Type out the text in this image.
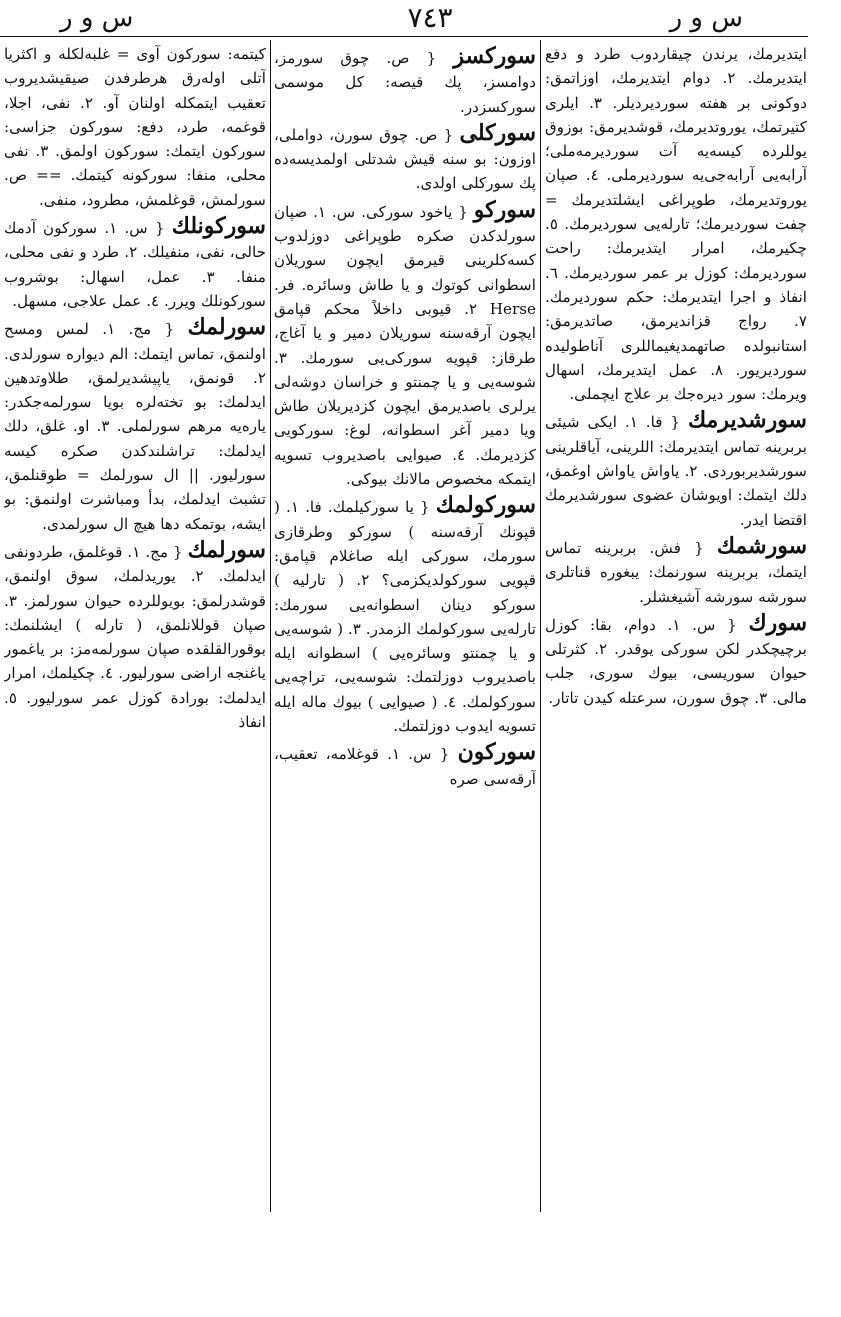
س و ر	٧٤٣	س و ر

ایتدیرمك، یرندن چیقاردوب طرد و دفع ایتدیرمك. ٢. دوام ایتدیرمك، اوزاتمق: دوكونی بر هفته سوردیردیلر. ٣. ایلری كتیرتمك، یوروتدیرمك، قوشدیرمق: بوزوق یوللرده كیسه‌یه آت سوردیرمه‌ملی؛ آرابه‌یی آرابه‌جی‌یه سوردیرملی. ٤. صپان یوروتدیرمك، طوپراغی ایشلتدیرمك = چفت سوردیرمك؛ تارله‌یی سوردیرمك. ٥. چكیرمك، امرار ایتدیرمك: راحت سوردیرمك: كوزل بر عمر سوردیرمك. ٦. انفاذ و اجرا ایتدیرمك: حكم سوردیرمك. ٧. رواج قزاندیرمق، صاتدیرمق: استانبولده صاتهمدیغیماللری آناطولیده سوردیریور. ٨. عمل ایتدیرمك، اسهال ویرمك: سور دیره‌جك بر علاج ایچملی.

سورشدیرمك { فا. ١. ایكی شیئی بربرینه تماس ایتدیرمك: اللرینی، آیاقلرینی سورشدیربوردی. ٢. یاواش یاواش اوغمق، دلك ایتمك: اویوشان عضوی سورشدیرمك اقتضا ایدر.

سورشمك { فش. بربرینه تماس ایتمك، بربرینه سورنمك: یبغوره قناتلری سورشه سورشه آشیغشلر.

سورك { س. ١. دوام، بقا: كوزل برچیچكدر لكن سوركی یوقدر. ٢. كثرتلی حیوان سوریسی، بیوك سوری، جلب مالی. ٣. چوق سورن، سرعتله كیدن تاتار.

سوركسز { ص. چوق سورمز، دوامسز، پك قیصه: كل موسمی سوركسزدر.

سوركلی { ص. چوق سورن، دواملی، اوزون: بو سنه قیش شدتلی اولمدیسه‌ده پك سوركلی اولدی.

سوركو { یاخود سوركی. س. ١. صپان سورلدكدن صكره طوپراغی دوزلدوب كسه‌كلرینی قیرمق ایچون سوریلان اسطوانی كوتوك و یا طاش وسائره. فر. Herse ٢. قیوبی داخلاً محكم قپامق ایچون آرقه‌سنه سوریلان دمیر و یا آغاج، طرقاز: قپویه سوركی‌یی سورمك. ٣. شوسه‌یی و یا چمنتو و خراسان دوشه‌لی یرلری باصدیرمق ایچون كزدیریلان طاش ویا دمیر آغر اسطوانه، لوغ: سوركویی كزدیرمك. ٤. صیوایی باصدیروب تسویه ایتمكه مخصوص مالانك بیوكی.

سوركولمك { یا سوركیلمك. فا. ١. ( قپونك آرقه‌سنه ) سوركو وطرقازی سورمك، سوركی ایله صاغلام قپامق: قپویی سوركولدیكزمی؟ ٢. ( تارلیه ) سوركو دینان اسطوانه‌یی سورمك: تارله‌یی سوركولمك الزمدر. ٣. ( شوسه‌یی و یا چمنتو وسائره‌یی ) اسطوانه ایله باصدیروب دوزلتمك: شوسه‌یی، تراچه‌یی سوركولمك. ٤. ( صیوایی ) بیوك ماله ایله تسویه ایدوب دوزلتمك.

سوركون { س. ١. قوغلامه، تعقیب، آرقه‌سی صره

كیتمه: سوركون آوی = غلبه‌لكله و اكثریا آتلی اوله‌رق هرطرفدن صیقیشدیروب تعقیب ایتمكله اولنان آو. ٢. نفی، اجلا، قوغمه، طرد، دفع: سوركون جزاسی: سوركون ایتمك: سوركون اولمق. ٣. نفی محلی، منفا: سوركونه كیتمك. == ص. سورلمش، قوغلمش، مطرود، منفی.

سوركونلك { س. ١. سوركون آدمك حالی، نفی، منفیلك. ٢. طرد و نفی محلی، منفا. ٣. عمل، اسهال: بوشروب سوركونلك ویرر. ٤. عمل علاجی، مسهل.

سورلمك { مج. ١. لمس ومسح اولنمق، تماس ایتمك: الم دیواره سورلدی. ٢. قونمق، یاپیشدیرلمق، طلاوتدهین ایدلمك: بو تخته‌لره بویا سورلمه‌جكدر: یاره‌یه مرهم سورلملی. ٣. او. غلق، دلك ایدلمك: تراشلندكدن صكره كیسه سورلیور. || ال سورلمك = طوقنلمق، تشبث ایدلمك، بدأ ومباشرت اولنمق: بو ایشه، بوتمكه دها هیچ ال سورلمدی.

سورلمك { مج. ١. قوغلمق، طردونفی ایدلمك. ٢. یوریدلمك، سوق اولنمق، قوشدرلمق: بویوللرده حیوان سورلمز. ٣. صپان قوللانلمق، ( تارله ) ایشلنمك: بوقورالقلقده صپان سورلمه‌مز: بر یاغمور یاغنجه اراضی سورلیور. ٤. چكیلمك، امرار ایدلمك: بورادة كوزل عمر سورلیور. ٥. انفاذ
